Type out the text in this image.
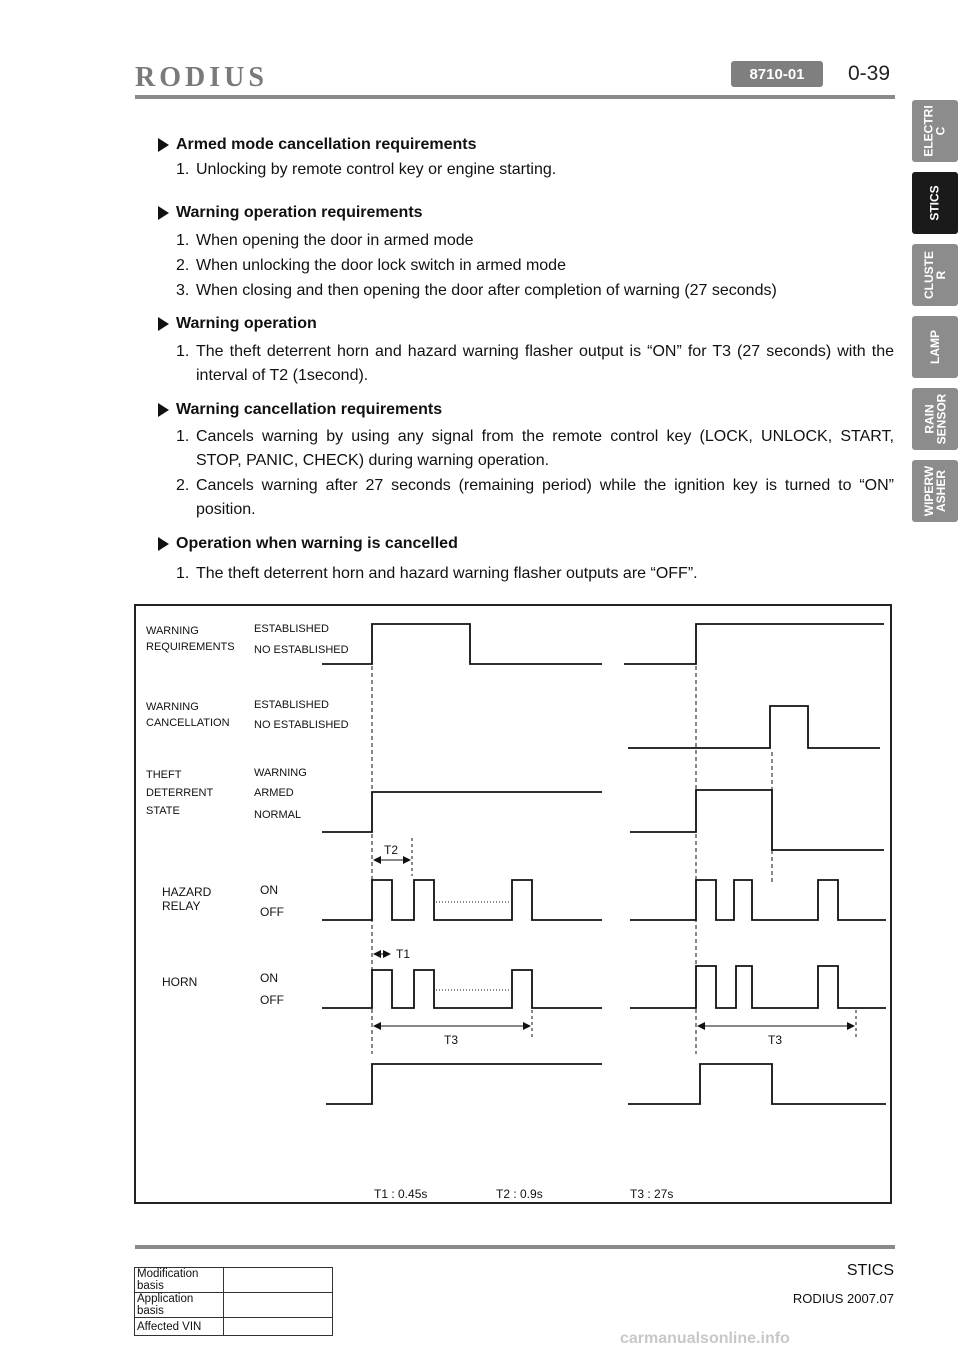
RODIUS	8710-01	0-39
ELECTRI
C
STICS
CLUSTE
R
LAMP
RAIN
SENSOR
WIPERW
ASHER
Armed mode cancellation requirements
1. Unlocking by remote control key or engine starting.
Warning operation requirements
1. When opening the door in armed mode
2. When unlocking the door lock switch in armed mode
3. When closing and then opening the door after completion of warning (27 seconds)
Warning operation
1. The theft deterrent horn and hazard warning flasher output is “ON” for T3 (27 seconds) with the interval of T2 (1second).
Warning cancellation requirements
1. Cancels warning by using any signal from the remote control key (LOCK, UNLOCK, START, STOP, PANIC, CHECK) during warning operation.
2. Cancels warning after 27 seconds (remaining period) while the ignition key is turned to “ON” position.
Operation when warning is cancelled
1. The theft deterrent horn and hazard warning flasher outputs are “OFF”.
WARNING
REQUIREMENTS
ESTABLISHED
NO ESTABLISHED
WARNING
CANCELLATION
ESTABLISHED
NO ESTABLISHED
THEFT
DETERRENT
STATE
WARNING
ARMED
NORMAL
HAZARD
RELAY
ON
OFF
HORN	ON
OFF
T2
T1
T3	T3
T1 : 0.45s	T2 : 0.9s	T3 : 27s
STICS
RODIUS 2007.07
Modification basis	
Application basis	
Affected VIN	
carmanualsonline.info
